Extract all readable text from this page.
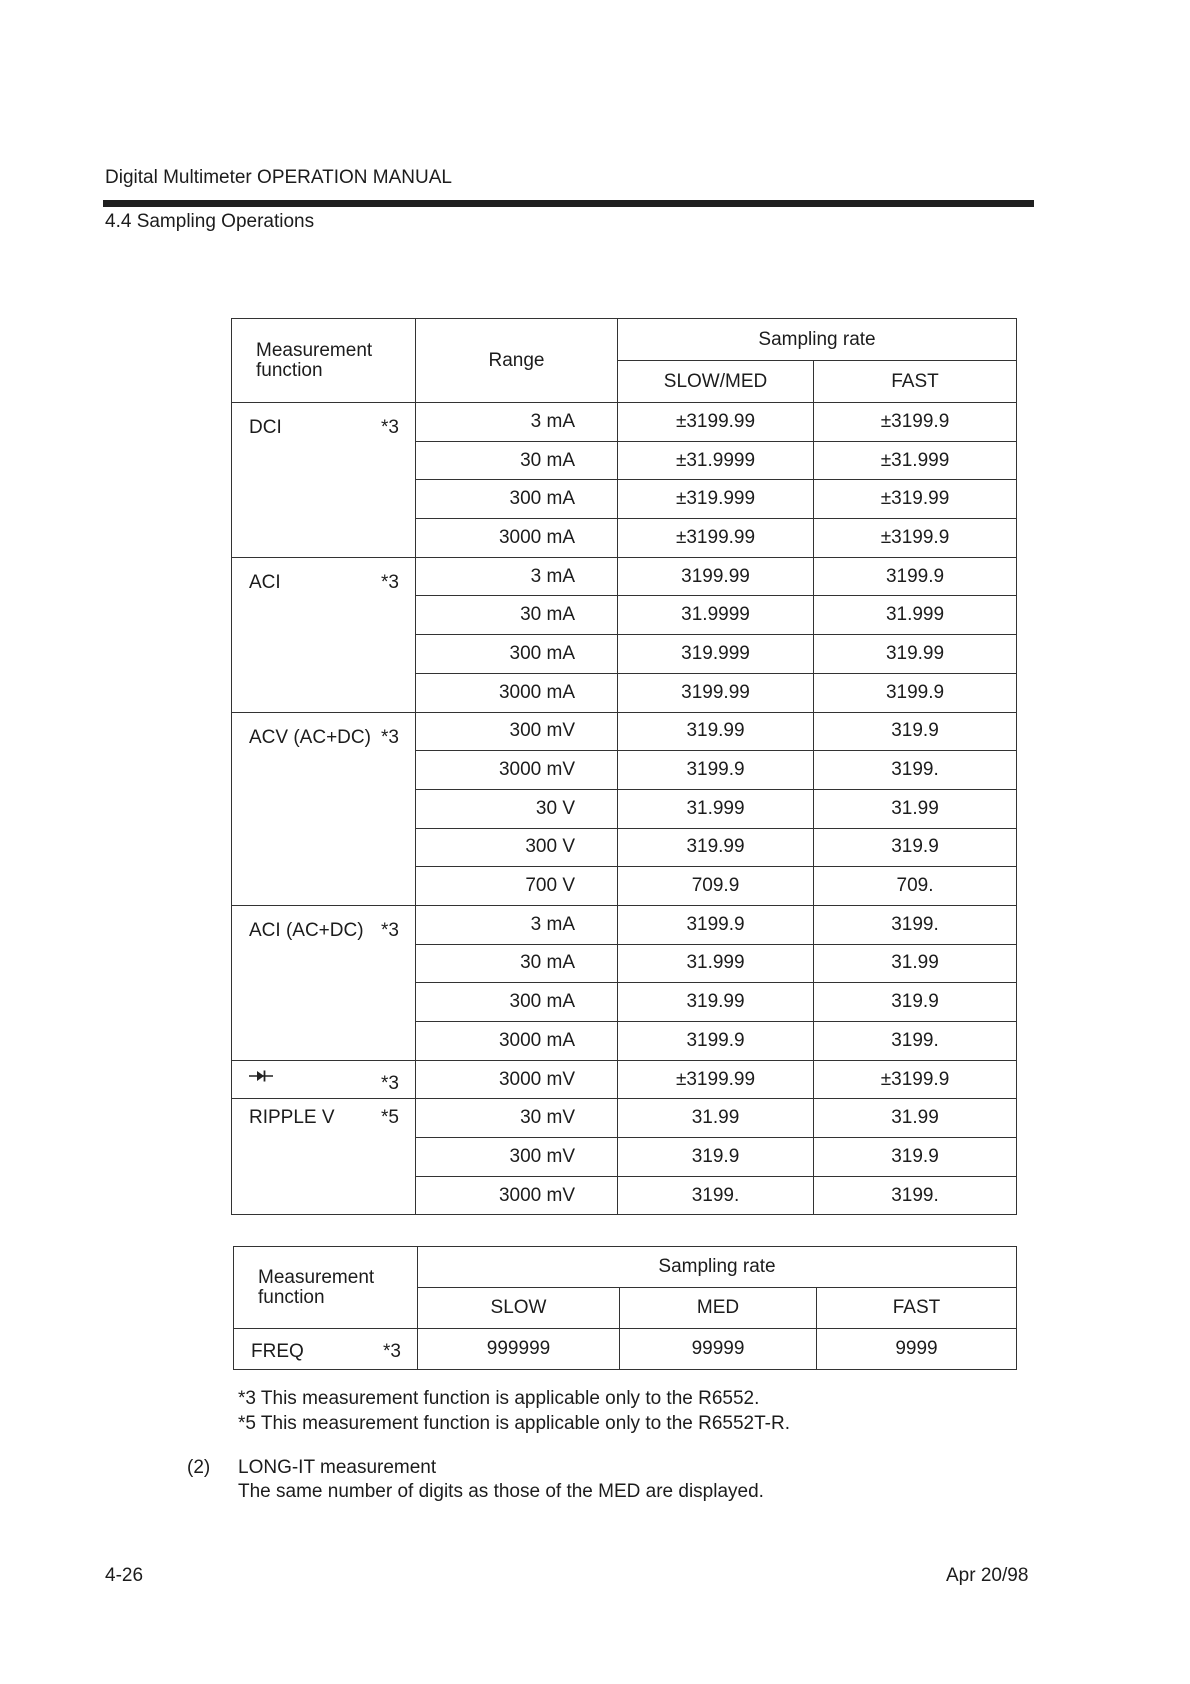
Digital Multimeter OPERATION MANUAL
4.4 Sampling Operations
Measurement
function	Range	Sampling rate	
		SLOW/MED	FAST

DCI *3	3 mA	±3199.99	±3199.9
	30 mA	±31.9999	±31.999
	300 mA	±319.999	±319.99
	3000 mA	±3199.99	±3199.9

ACI *3	3 mA	3199.99	3199.9
	30 mA	31.9999	31.999
	300 mA	319.999	319.99
	3000 mA	3199.99	3199.9

ACV (AC+DC) *3	300 mV	319.99	319.9
	3000 mV	3199.9	3199.
	30 V	31.999	31.99
	300 V	319.99	319.9
	700 V	709.9	709.

ACI (AC+DC) *3	3 mA	3199.9	3199.
	30 mA	31.999	31.99
	300 mA	319.99	319.9
	3000 mA	3199.9	3199.

*3	3000 mV	±3199.99	±3199.9

RIPPLE V *5	30 mV	31.99	31.99
	300 mV	319.9	319.9
	3000 mV	3199.	3199.
Measurement
function	Sampling rate		
	SLOW	MED	FAST

FREQ *3	999999	99999	9999
*3 This measurement function is applicable only to the R6552.
*5 This measurement function is applicable only to the R6552T-R.
(2) LONG-IT measurement
The same number of digits as those of the MED are displayed.
4-26	Apr 20/98
